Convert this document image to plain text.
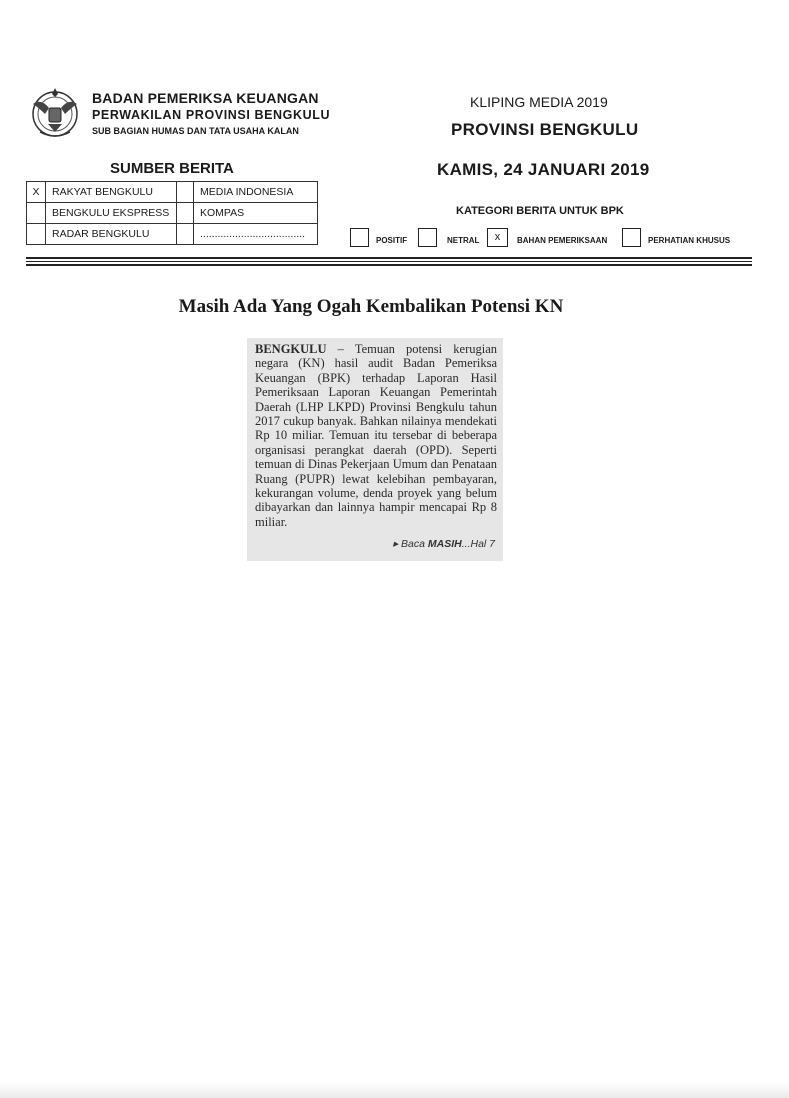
BADAN PEMERIKSA KEUANGAN
PERWAKILAN PROVINSI BENGKULU
SUB BAGIAN HUMAS DAN TATA USAHA KALAN
KLIPING MEDIA 2019
PROVINSI BENGKULU
KAMIS, 24 JANUARI 2019
SUMBER BERITA
X	RAKYAT BENGKULU		MEDIA INDONESIA
	BENGKULU EKSPRESS		KOMPAS
	RADAR BENGKULU		....................................
KATEGORI BERITA UNTUK BPK
POSITIF	NETRAL	x	BAHAN PEMERIKSAAN	PERHATIAN KHUSUS
Masih Ada Yang Ogah Kembalikan Potensi KN
BENGKULU – Temuan potensi kerugian negara (KN) hasil audit Badan Pemeriksa Keuangan (BPK) terhadap Laporan Hasil Pemeriksaan Laporan Keuangan Pemerintah Daerah (LHP LKPD) Provinsi Bengkulu tahun 2017 cukup banyak. Bahkan nilainya mendekati Rp 10 miliar. Temuan itu tersebar di beberapa organisasi perangkat daerah (OPD). Seperti temuan di Dinas Pekerjaan Umum dan Penataan Ruang (PUPR) lewat kelebihan pembayaran, kekurangan volume, denda proyek yang belum dibayarkan dan lainnya hampir mencapai Rp 8 miliar.
▸ Baca MASIH...Hal 7
